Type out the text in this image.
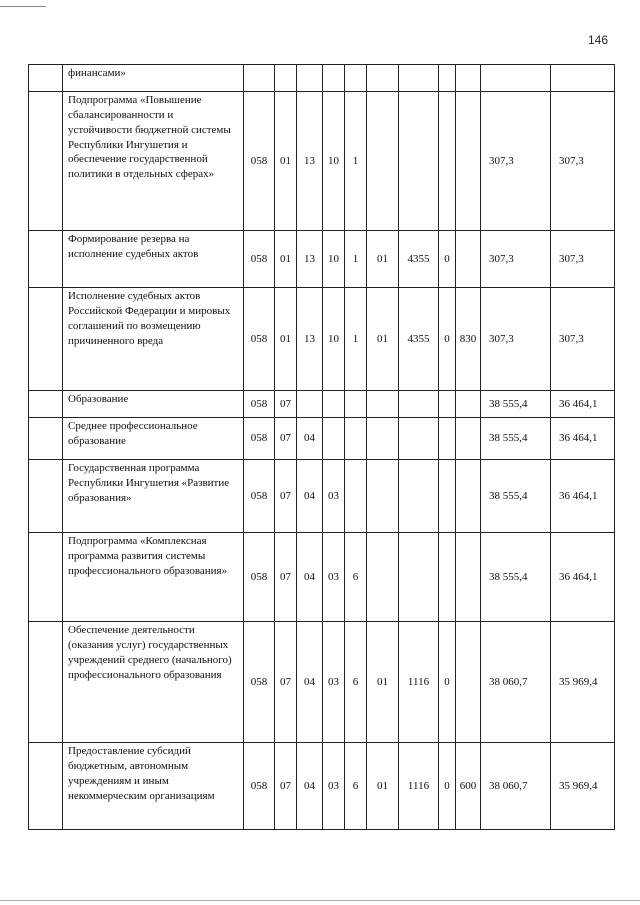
146
	финансами»											
	Подпрограмма «Повышение сбалансированности и устойчивости бюджетной системы Республики Ингушетия и обеспечение государственной политики в отдельных сферах»	058	01	13	10	1					307,3	307,3
	Формирование резерва на исполнение судебных актов	058	01	13	10	1	01	4355	0		307,3	307,3
	Исполнение судебных актов Российской Федерации и мировых соглашений по возмещению причиненного вреда	058	01	13	10	1	01	4355	0	830	307,3	307,3
	Образование	058	07								38 555,4	36 464,1
	Среднее профессиональное образование	058	07	04							38 555,4	36 464,1
	Государственная программа Республики Ингушетия «Развитие образования»	058	07	04	03						38 555,4	36 464,1
	Подпрограмма «Комплексная программа развития системы профессионального образования»	058	07	04	03	6					38 555,4	36 464,1
	Обеспечение деятельности (оказания услуг) государственных учреждений среднего (начального) профессионального образования	058	07	04	03	6	01	1116	0		38 060,7	35 969,4
	Предоставление субсидий бюджетным, автономным учреждениям и иным некоммерческим организациям	058	07	04	03	6	01	1116	0	600	38 060,7	35 969,4
